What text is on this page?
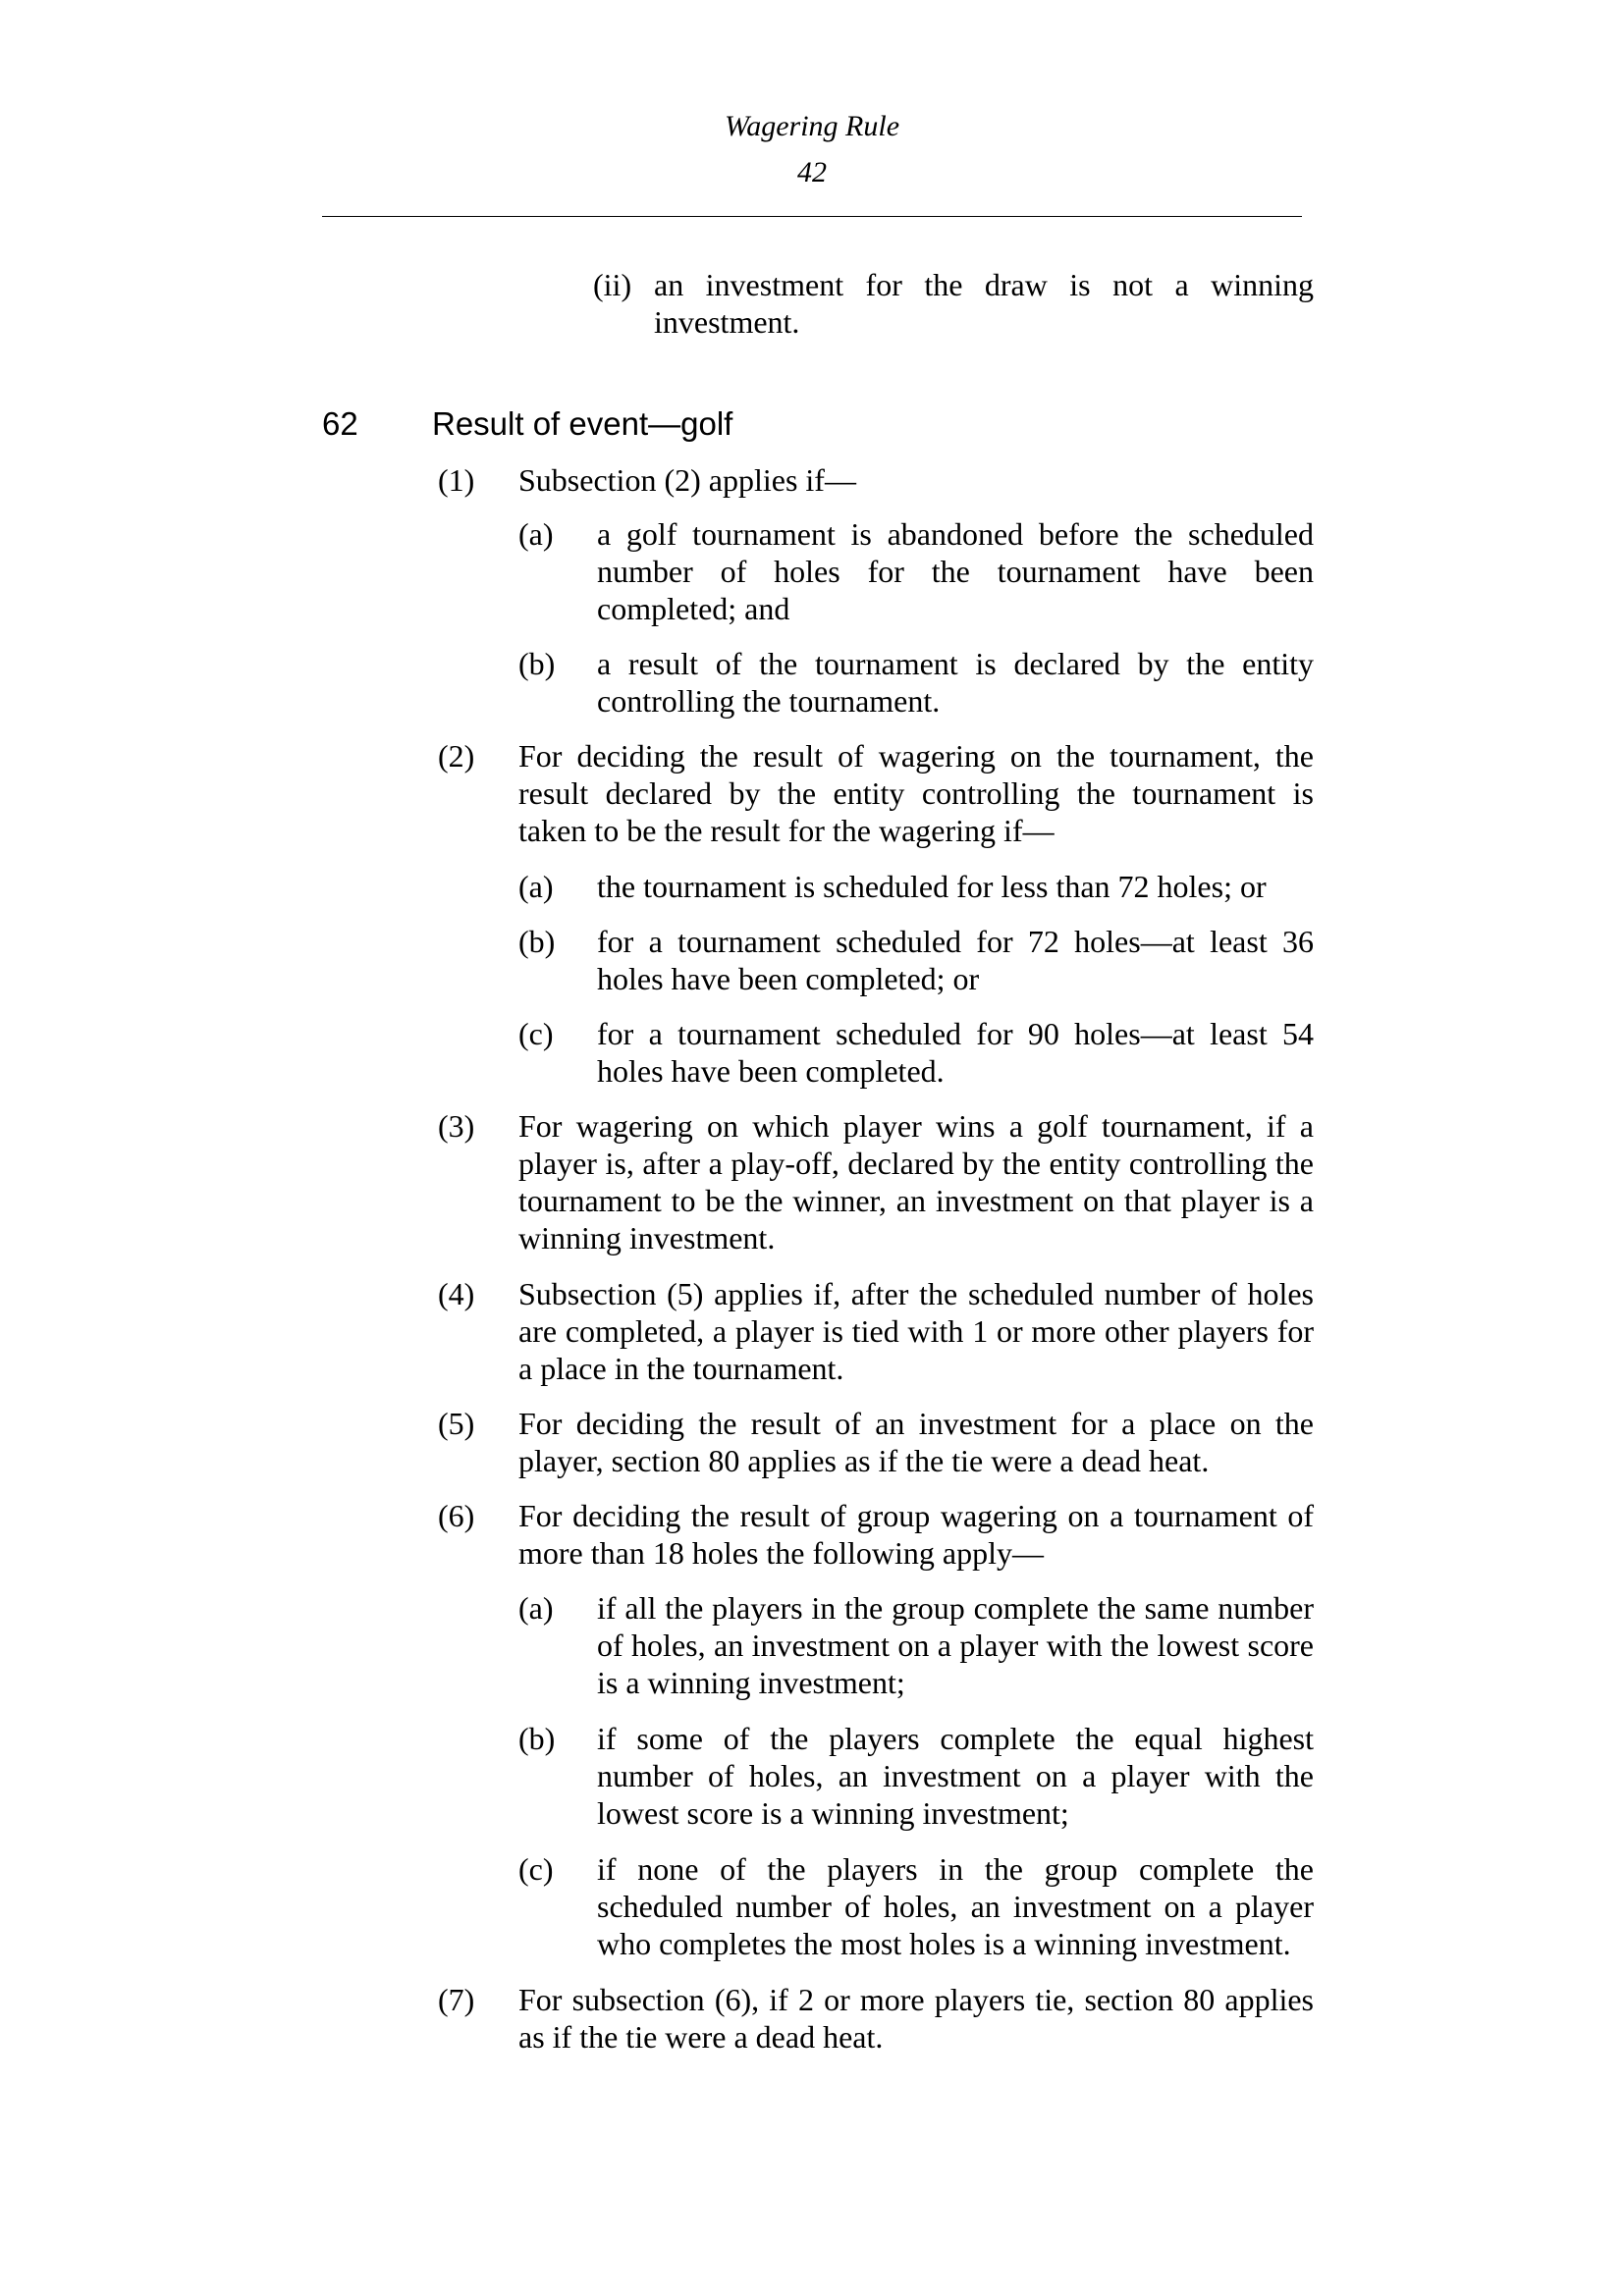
Wagering Rule
42
(ii) an investment for the draw is not a winning investment.
62 Result of event—golf
(1) Subsection (2) applies if—
(a) a golf tournament is abandoned before the scheduled number of holes for the tournament have been completed; and
(b) a result of the tournament is declared by the entity controlling the tournament.
(2) For deciding the result of wagering on the tournament, the result declared by the entity controlling the tournament is taken to be the result for the wagering if—
(a) the tournament is scheduled for less than 72 holes; or
(b) for a tournament scheduled for 72 holes—at least 36 holes have been completed; or
(c) for a tournament scheduled for 90 holes—at least 54 holes have been completed.
(3) For wagering on which player wins a golf tournament, if a player is, after a play-off, declared by the entity controlling the tournament to be the winner, an investment on that player is a winning investment.
(4) Subsection (5) applies if, after the scheduled number of holes are completed, a player is tied with 1 or more other players for a place in the tournament.
(5) For deciding the result of an investment for a place on the player, section 80 applies as if the tie were a dead heat.
(6) For deciding the result of group wagering on a tournament of more than 18 holes the following apply—
(a) if all the players in the group complete the same number of holes, an investment on a player with the lowest score is a winning investment;
(b) if some of the players complete the equal highest number of holes, an investment on a player with the lowest score is a winning investment;
(c) if none of the players in the group complete the scheduled number of holes, an investment on a player who completes the most holes is a winning investment.
(7) For subsection (6), if 2 or more players tie, section 80 applies as if the tie were a dead heat.
